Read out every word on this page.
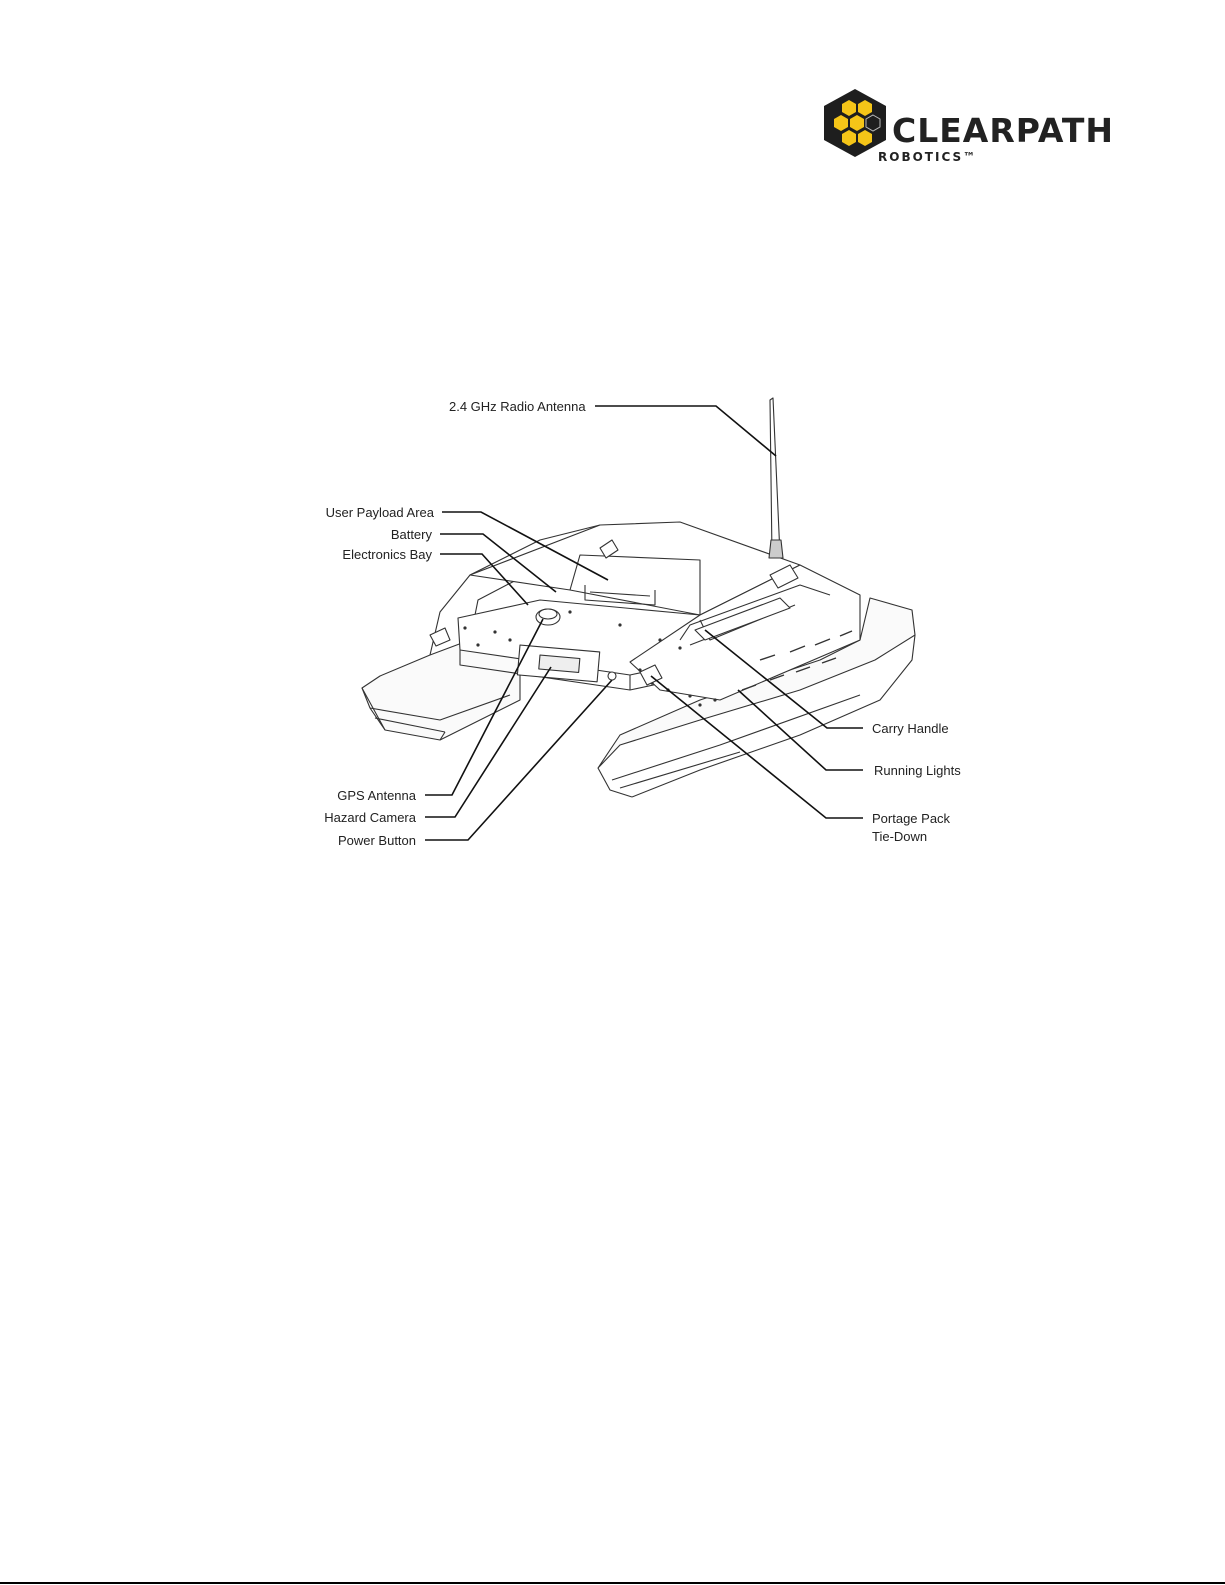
CLEARPATH
ROBOTICS™
2.4 GHz Radio Antenna
User Payload Area
Battery
Electronics Bay
GPS Antenna
Hazard Camera
Power Button
Carry Handle
Running Lights
Portage Pack
Tie-Down
